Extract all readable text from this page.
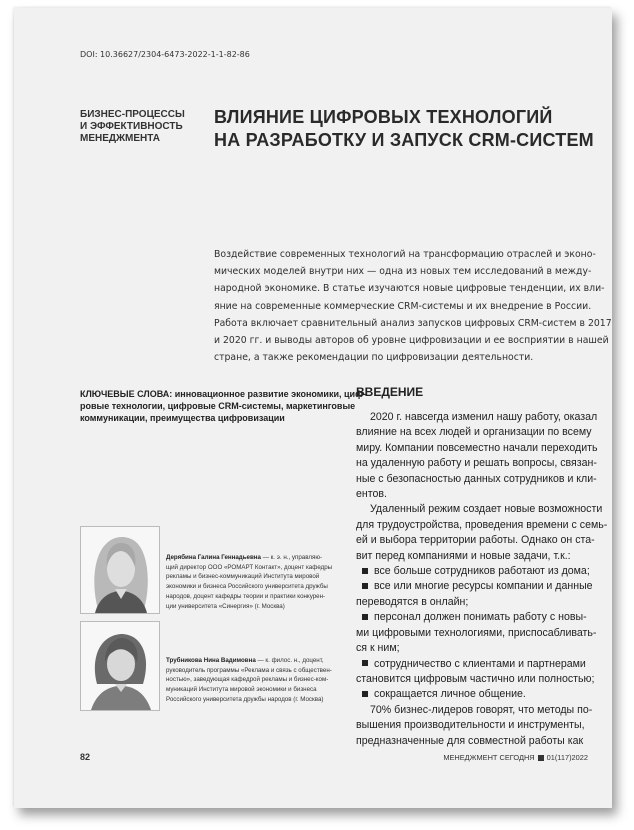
DOI: 10.36627/2304-6473-2022-1-1-82-86
БИЗНЕС-ПРОЦЕССЫ
И ЭФФЕКТИВНОСТЬ
МЕНЕДЖМЕНТА
ВЛИЯНИЕ ЦИФРОВЫХ ТЕХНОЛОГИЙ
НА РАЗРАБОТКУ И ЗАПУСК CRM-СИСТЕМ
Воздействие современных технологий на трансформацию отраслей и эконо-
мических моделей внутри них — одна из новых тем исследований в между-
народной экономике. В статье изучаются новые цифровые тенденции, их вли-
яние на современные коммерческие CRM-системы и их внедрение в России.
Работа включает сравнительный анализ запусков цифровых CRM-систем в 2017
и 2020 гг. и выводы авторов об уровне цифровизации и ее восприятии в нашей
стране, а также рекомендации по цифровизации деятельности.
КЛЮЧЕВЫЕ СЛОВА: инновационное развитие экономики, циф-
ровые технологии, цифровые CRM-системы, маркетинговые
коммуникации, преимущества цифровизации
Дерябина Галина Геннадьевна — к. э. н., управляю-
щий директор ООО «РОМАРТ Контакт», доцент кафедры
рекламы и бизнес-коммуникаций Института мировой
экономики и бизнеса Российского университета дружбы
народов, доцент кафедры теории и практики конкурен-
ции университета «Синергия» (г. Москва)
Трубникова Нина Вадимовна — к. филос. н., доцент,
руководитель программы «Реклама и связь с обществен-
ностью», заведующая кафедрой рекламы и бизнес-ком-
муникаций Института мировой экономики и бизнеса
Российского университета дружбы народов (г. Москва)
ВВЕДЕНИЕ
2020 г. навсегда изменил нашу работу, оказал
влияние на всех людей и организации по всему
миру. Компании повсеместно начали переходить
на удаленную работу и решать вопросы, связан-
ные с безопасностью данных сотрудников и кли-
ентов.
Удаленный режим создает новые возможности
для трудоустройства, проведения времени с семь-
ей и выбора территории работы. Однако он ста-
вит перед компаниями и новые задачи, т.к.:
все больше сотрудников работают из дома;
все или многие ресурсы компании и данные
переводятся в онлайн;
персонал должен понимать работу с новы-
ми цифровыми технологиями, приспосабливать-
ся к ним;
сотрудничество с клиентами и партнерами
становится цифровым частично или полностью;
сокращается личное общение.
70% бизнес-лидеров говорят, что методы по-
вышения производительности и инструменты,
предназначенные для совместной работы как
82	МЕНЕДЖМЕНТ СЕГОДНЯ 01(117)2022
